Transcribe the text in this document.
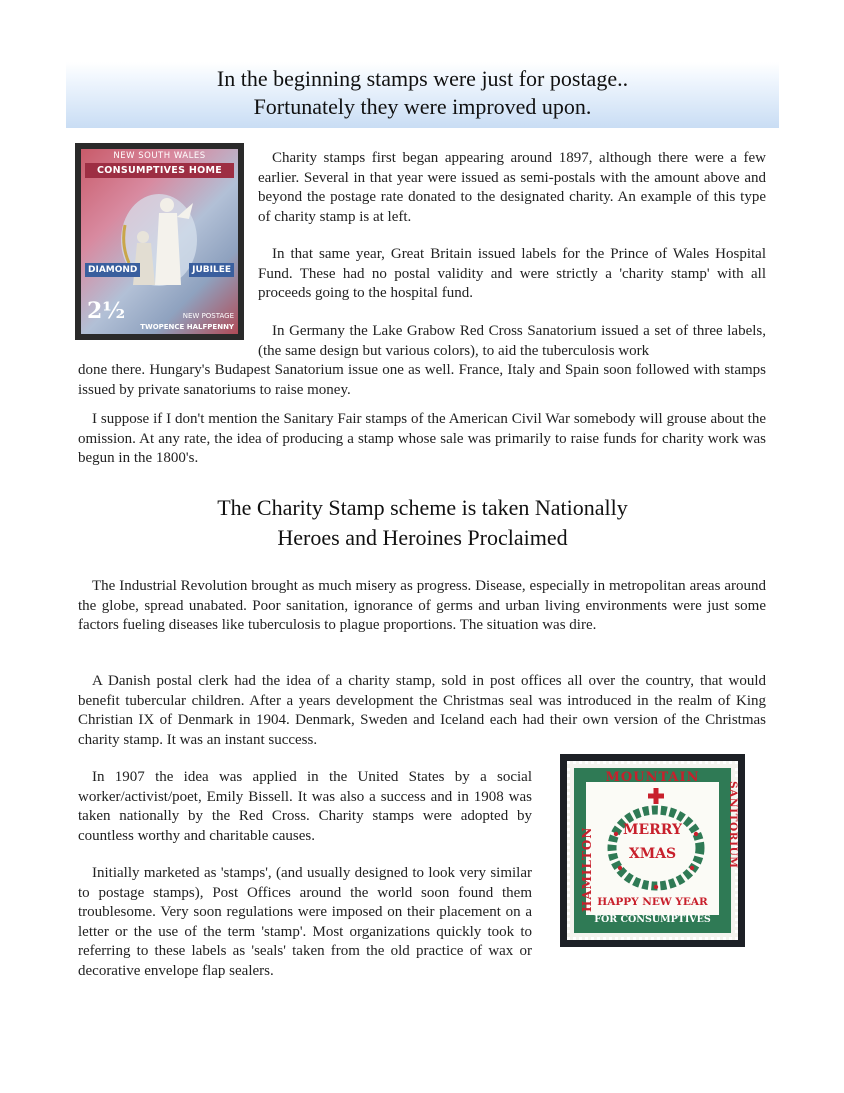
In the beginning stamps were just for postage..
Fortunately they were improved upon.
NEW SOUTH WALES
CONSUMPTIVES HOME
DIAMOND	JUBILEE
2½	NEW POSTAGE
TWOPENCE HALFPENNY

Charity stamps first began appearing around 1897, although there were a few earlier. Several in that year were issued as semi-postals with the amount above and beyond the postage rate donated to the designated charity. An example of this type of charity stamp is at left.

In that same year, Great Britain issued labels for the Prince of Wales Hospital Fund. These had no postal validity and were strictly a 'charity stamp' with all proceeds going to the hospital fund.

In Germany the Lake Grabow Red Cross Sanatorium issued a set of three labels, (the same design but various colors), to aid the tuberculosis work

done there. Hungary's Budapest Sanatorium issue one as well. France, Italy and Spain soon followed with stamps issued by private sanatoriums to raise money.

I suppose if I don't mention the Sanitary Fair stamps of the American Civil War somebody will grouse about the omission. At any rate, the idea of producing a stamp whose sale was primarily to raise funds for charity work was begun in the 1800's.

The Charity Stamp scheme is taken Nationally
Heroes and Heroines Proclaimed

The Industrial Revolution brought as much misery as progress. Disease, especially in metropolitan areas around the globe, spread unabated. Poor sanitation, ignorance of germs and urban living environments were just some factors fueling diseases like tuberculosis to plague proportions. The situation was dire.

A Danish postal clerk had the idea of a charity stamp, sold in post offices all over the country, that would benefit tubercular children. After a years development the Christmas seal was introduced in the realm of King Christian IX of Denmark in 1904. Denmark, Sweden and Iceland each had their own version of the Christmas charity stamp. It was an instant success.

In 1907 the idea was applied in the United States by a social worker/activist/poet, Emily Bissell. It was also a success and in 1908 was taken nationally by the Red Cross. Charity stamps were adopted by countless worthy and charitable causes.

Initially marketed as 'stamps', (and usually designed to look very similar to postage stamps), Post Offices around the world soon found them troublesome. Very soon regulations were imposed on their placement on a letter or the use of the term 'stamp'. Most organizations quickly took to referring to these labels as 'seals' taken from the old practice of wax or decorative envelope flap sealers.

MOUNTAIN
HAMILTON
SANITORIUM
MERRY
XMAS
HAPPY NEW YEAR
FOR CONSUMPTIVES
